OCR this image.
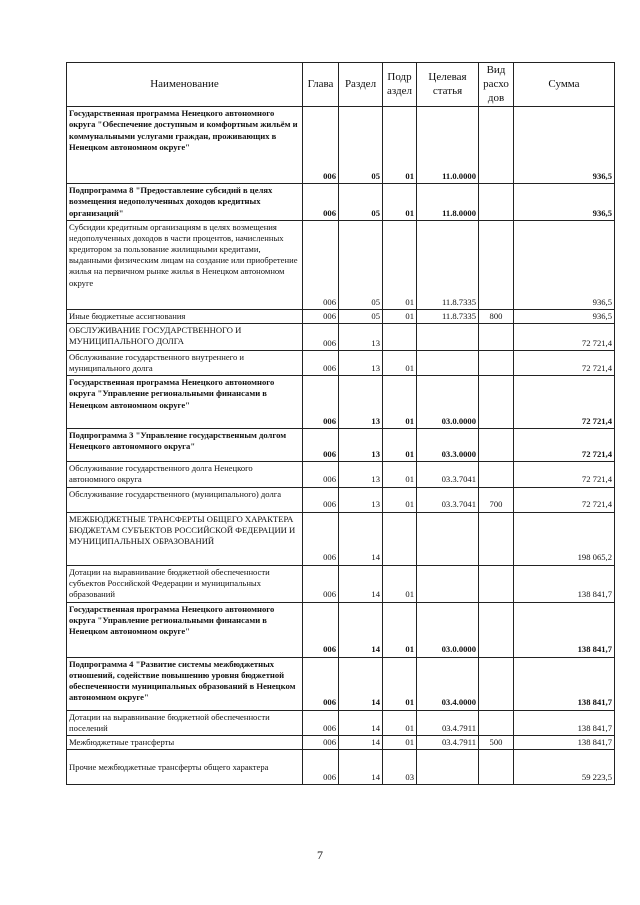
Наименование	Глава	Раздел	Подр аздел	Целевая статья	Вид расхо дов	Сумма
Государственная программа Ненецкого автономного округа "Обеспечение доступным и комфортным жильём и коммунальными услугами граждан, проживающих в Ненецком автономном округе"	006	05	01	11.0.0000		936,5
Подпрограмма 8 "Предоставление субсидий в целях возмещения недополученных доходов кредитных организаций"	006	05	01	11.8.0000		936,5
Субсидии кредитным организациям в целях возмещения недополученных доходов в части процентов, начисленных кредитором за пользование жилищными кредитами, выданными физическим лицам на создание или приобретение жилья на первичном рынке жилья в Ненецком автономном округе	006	05	01	11.8.7335		936,5
Иные бюджетные ассигнования	006	05	01	11.8.7335	800	936,5
ОБСЛУЖИВАНИЕ ГОСУДАРСТВЕННОГО И МУНИЦИПАЛЬНОГО ДОЛГА	006	13				72 721,4
Обслуживание государственного внутреннего и муниципального долга	006	13	01			72 721,4
Государственная программа Ненецкого автономного округа "Управление региональными финансами в Ненецком автономном округе"	006	13	01	03.0.0000		72 721,4
Подпрограмма 3 "Управление государственным долгом Ненецкого автономного округа"	006	13	01	03.3.0000		72 721,4
Обслуживание государственного долга Ненецкого автономного округа	006	13	01	03.3.7041		72 721,4
Обслуживание государственного (муниципального) долга	006	13	01	03.3.7041	700	72 721,4
МЕЖБЮДЖЕТНЫЕ ТРАНСФЕРТЫ ОБЩЕГО ХАРАКТЕРА БЮДЖЕТАМ СУБЪЕКТОВ РОССИЙСКОЙ ФЕДЕРАЦИИ И МУНИЦИПАЛЬНЫХ ОБРАЗОВАНИЙ	006	14				198 065,2
Дотации на выравнивание бюджетной обеспеченности субъектов Российской Федерации и муниципальных образований	006	14	01			138 841,7
Государственная программа Ненецкого автономного округа "Управление региональными финансами в Ненецком автономном округе"	006	14	01	03.0.0000		138 841,7
Подпрограмма 4 "Развитие системы межбюджетных отношений, содействие повышению уровня бюджетной обеспеченности муниципальных образований в Ненецком автономном округе"	006	14	01	03.4.0000		138 841,7
Дотации на выравнивание бюджетной обеспеченности поселений	006	14	01	03.4.7911		138 841,7
Межбюджетные трансферты	006	14	01	03.4.7911	500	138 841,7
Прочие межбюджетные трансферты общего характера	006	14	03			59 223,5
7
